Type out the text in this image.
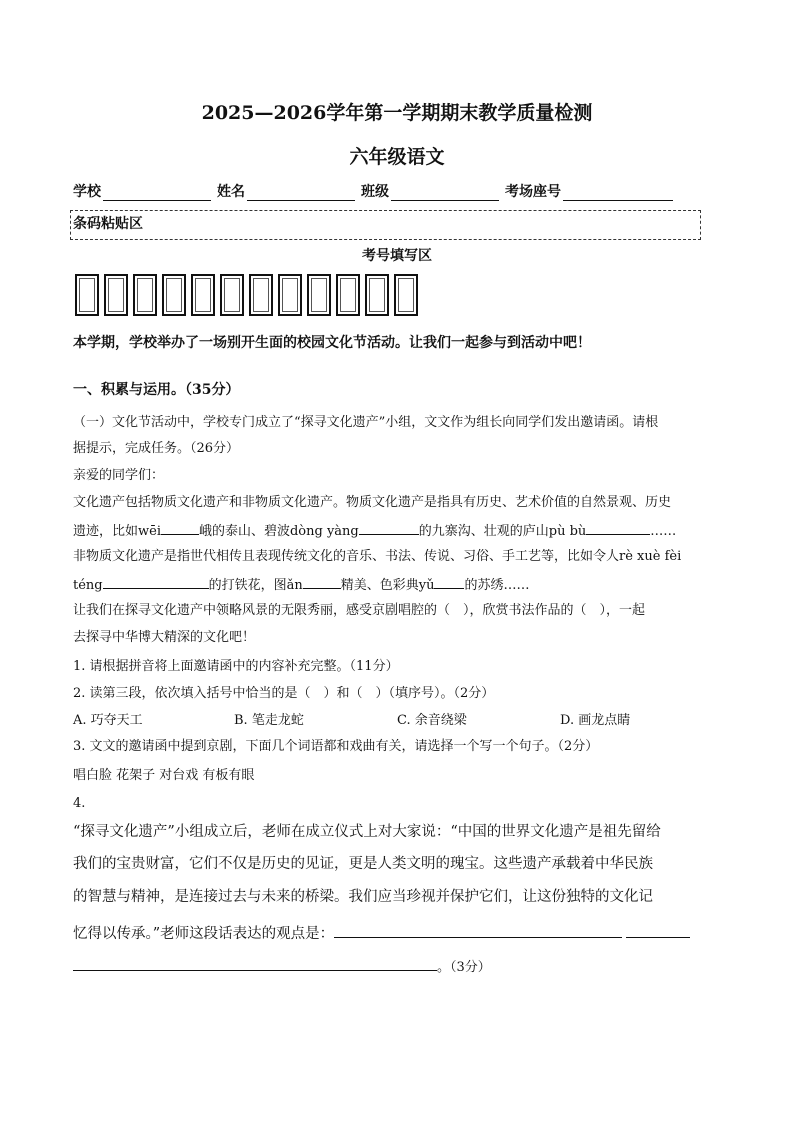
2025—2026学年第一学期期末教学质量检测
六年级语文
学校	姓名	班级	考场座号
条码粘贴区
考号填写区
本学期，学校举办了一场别开生面的校园文化节活动。让我们一起参与到活动中吧！
一、积累与运用。（35分）
（一）文化节活动中，学校专门成立了“探寻文化遗产”小组，文文作为组长向同学们发出邀请函。请根
据提示，完成任务。（26分）
亲爱的同学们：
文化遗产包括物质文化遗产和非物质文化遗产。物质文化遗产是指具有历史、艺术价值的自然景观、历史
遗迹，比如wēi	峨的泰山、碧波dòng yàng	的九寨沟、壮观的庐山pù bù	……
非物质文化遗产是指世代相传且表现传统文化的音乐、书法、传说、习俗、手工艺等，比如令人rè xuè fèi
téng	的打铁花，图ǎn	精美、色彩典yǔ 的苏绣……
让我们在探寻文化遗产中领略风景的无限秀丽，感受京剧唱腔的（　），欣赏书法作品的（　），一起
去探寻中华博大精深的文化吧！
1. 请根据拼音将上面邀请函中的内容补充完整。（11分）
2. 读第三段，依次填入括号中恰当的是（　）和（　）（填序号）。（2分）
A. 巧夺天工	B. 笔走龙蛇	C. 余音绕梁	D. 画龙点睛
3. 文文的邀请函中提到京剧，下面几个词语都和戏曲有关，请选择一个写一个句子。（2分）
唱白脸 花架子 对台戏 有板有眼
4.
“探寻文化遗产”小组成立后，老师在成立仪式上对大家说：“中国的世界文化遗产是祖先留给
我们的宝贵财富，它们不仅是历史的见证，更是人类文明的瑰宝。这些遗产承载着中华民族
的智慧与精神，是连接过去与未来的桥梁。我们应当珍视并保护它们，让这份独特的文化记
忆得以传承。”老师这段话表达的观点是：
。（3分）
